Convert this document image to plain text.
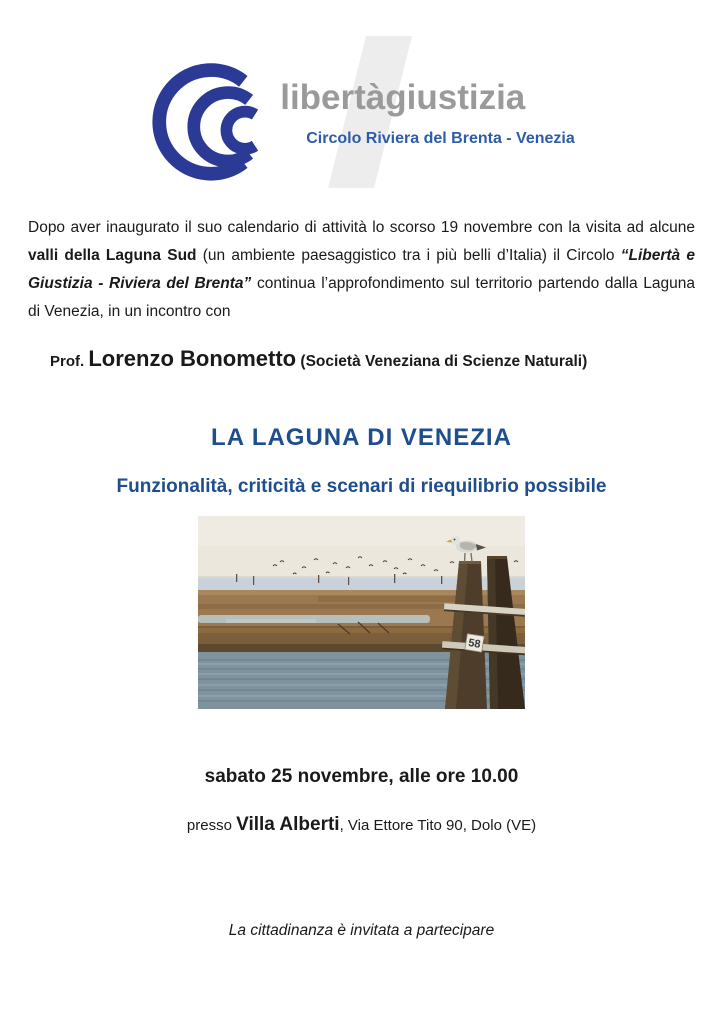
libertàgiustizia
Circolo Riviera del Brenta - Venezia

Dopo aver inaugurato il suo calendario di attività lo scorso 19 novembre con la visita ad alcune valli della Laguna Sud (un ambiente paesaggistico tra i più belli d’Italia) il Circolo “Libertà e Giustizia - Riviera del Brenta” continua l’approfondimento sul territorio partendo dalla Laguna di Venezia, in un incontro con

Prof. Lorenzo Bonometto (Società Veneziana di Scienze Naturali)

LA LAGUNA DI VENEZIA
Funzionalità, criticità e scenari di riequilibrio possibile
58

sabato 25 novembre, alle ore 10.00

presso Villa Alberti, Via Ettore Tito 90, Dolo (VE)

La cittadinanza è invitata a partecipare
